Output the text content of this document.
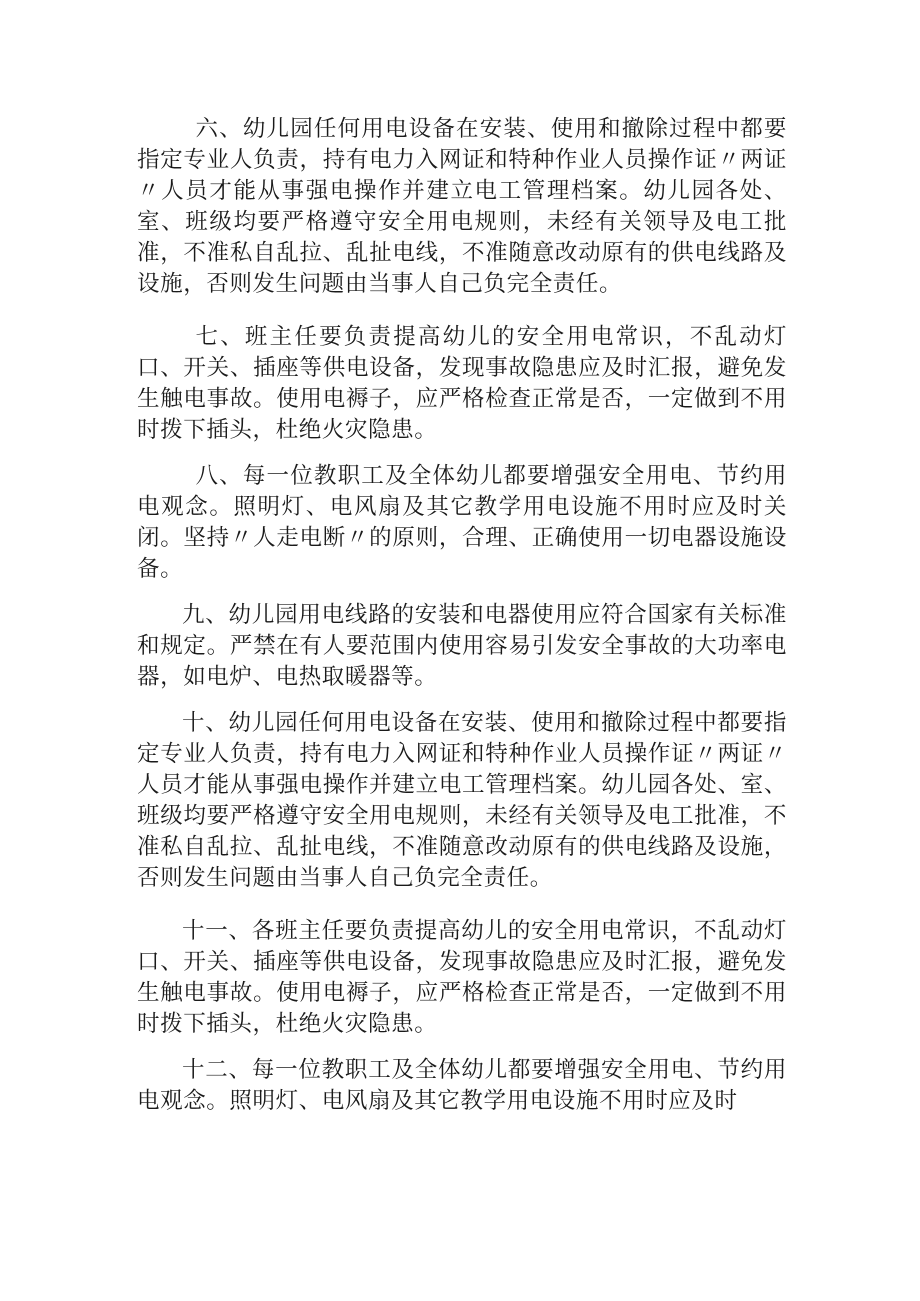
六、幼儿园任何用电设备在安装、使用和撤除过程中都要指定专业人负责，持有电力入网证和特种作业人员操作证〃两证〃人员才能从事强电操作并建立电工管理档案。幼儿园各处、室、班级均要严格遵守安全用电规则，未经有关领导及电工批准，不准私自乱拉、乱扯电线，不准随意改动原有的供电线路及设施，否则发生问题由当事人自己负完全责任。

七、班主任要负责提高幼儿的安全用电常识，不乱动灯口、开关、插座等供电设备，发现事故隐患应及时汇报，避免发生触电事故。使用电褥子，应严格检查正常是否，一定做到不用时拨下插头，杜绝火灾隐患。

八、每一位教职工及全体幼儿都要增强安全用电、节约用电观念。照明灯、电风扇及其它教学用电设施不用时应及时关闭。坚持〃人走电断〃的原则，合理、正确使用一切电器设施设备。

九、幼儿园用电线路的安装和电器使用应符合国家有关标准和规定。严禁在有人要范围内使用容易引发安全事故的大功率电器，如电炉、电热取暖器等。

十、幼儿园任何用电设备在安装、使用和撤除过程中都要指定专业人负责，持有电力入网证和特种作业人员操作证〃两证〃人员才能从事强电操作并建立电工管理档案。幼儿园各处、室、班级均要严格遵守安全用电规则，未经有关领导及电工批准，不准私自乱拉、乱扯电线，不准随意改动原有的供电线路及设施，否则发生问题由当事人自己负完全责任。

十一、各班主任要负责提高幼儿的安全用电常识，不乱动灯口、开关、插座等供电设备，发现事故隐患应及时汇报，避免发生触电事故。使用电褥子，应严格检查正常是否，一定做到不用时拨下插头，杜绝火灾隐患。

十二、每一位教职工及全体幼儿都要增强安全用电、节约用电观念。照明灯、电风扇及其它教学用电设施不用时应及时
